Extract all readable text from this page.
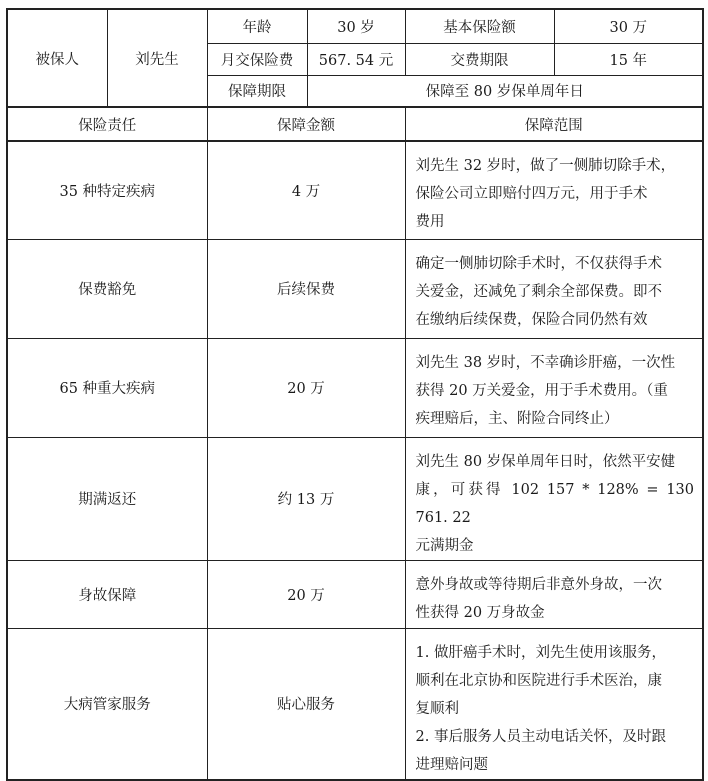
被保人	刘先生	年龄	30 岁	基本保险额	30 万
		月交保险费	567. 54 元	交费期限	15 年
		保障期限	保障至 80 岁保单周年日		
保险责任		保障金额		保障范围	
35 种特定疾病		4 万		刘先生 32 岁时，做了一侧肺切除手术，
保险公司立即赔付四万元，用于手术
费用	

保费豁免		后续保费		确定一侧肺切除手术时，不仅获得手术
关爱金，还减免了剩余全部保费。即不
在缴纳后续保费，保险合同仍然有效	

65 种重大疾病		20 万		刘先生 38 岁时，不幸确诊肝癌，一次性
获得 20 万关爱金，用于手术费用。（重
疾理赔后，主、附险合同终止）	

期满返还		约 13 万		刘先生 80 岁保单周年日时，依然平安健
康，可获得 102 157 * 128% = 130 761. 22
元满期金	

身故保障		20 万		意外身故或等待期后非意外身故，一次
性获得 20 万身故金	

大病管家服务		贴心服务		1. 做肝癌手术时，刘先生使用该服务，
顺利在北京协和医院进行手术医治，康
复顺利
2. 事后服务人员主动电话关怀，及时跟
进理赔问题	
